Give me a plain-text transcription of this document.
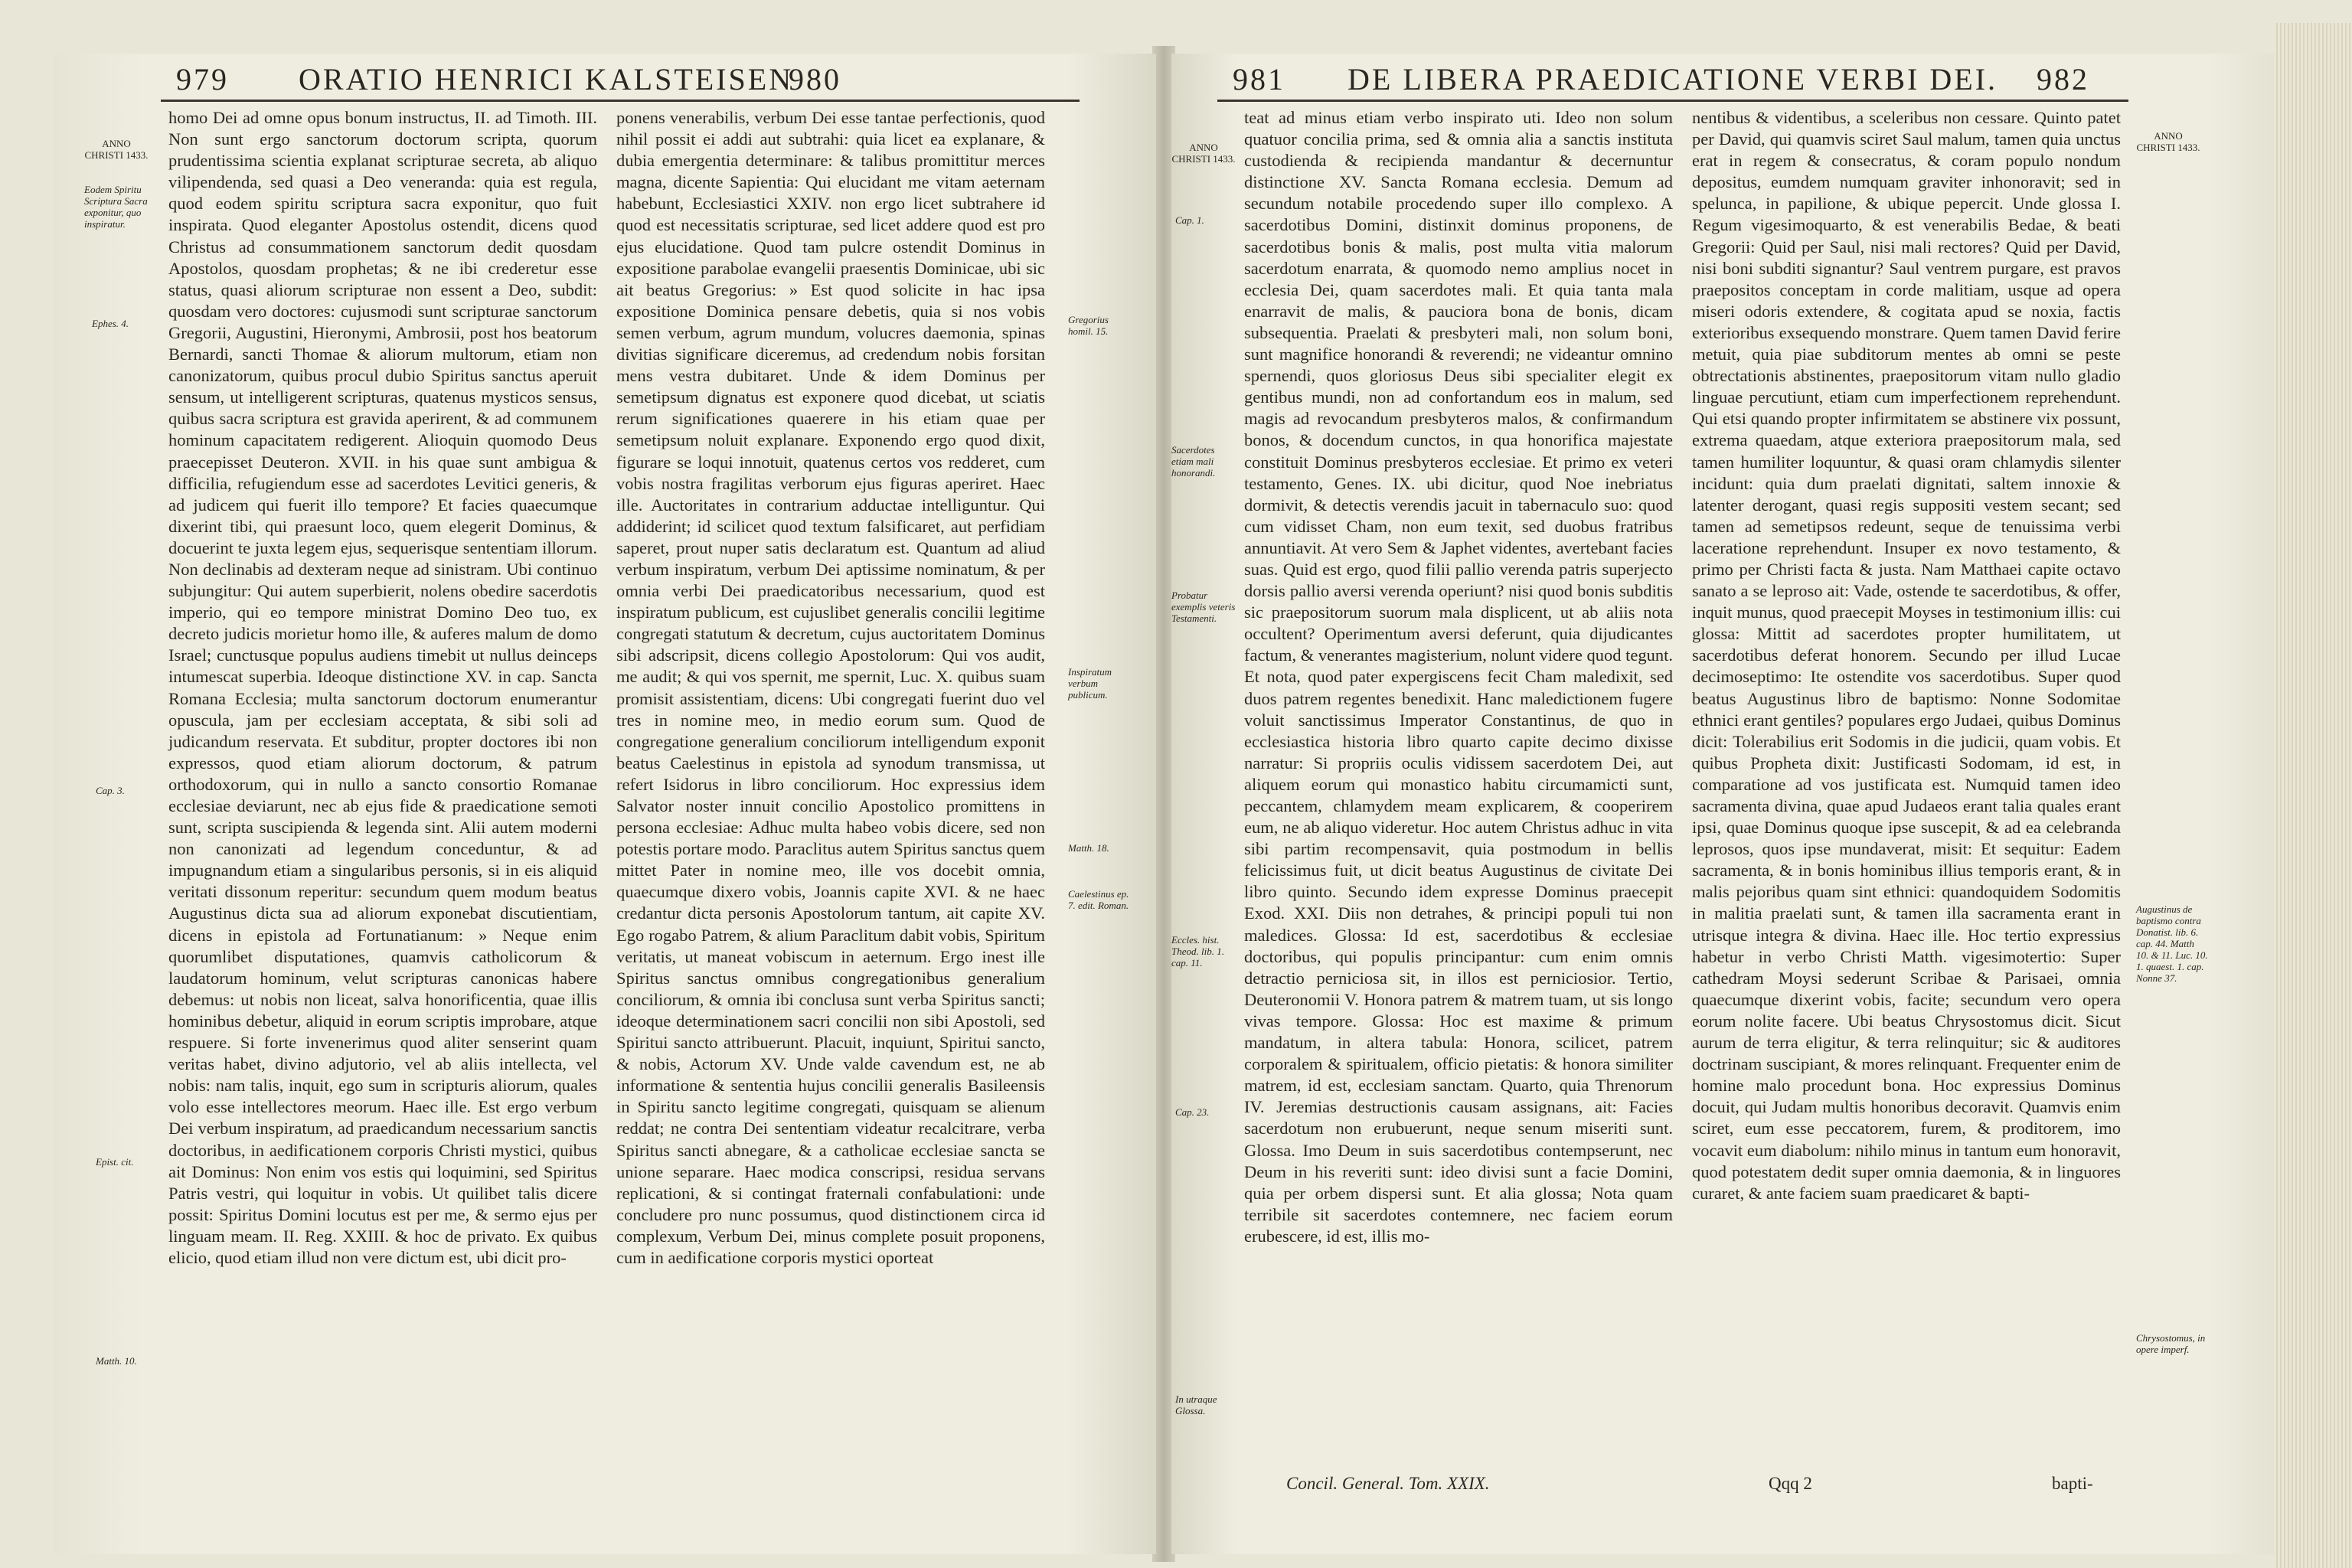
979 ORATIO HENRICI KALSTEISEN
980
ANNO CHRISTI 1433.
Eodem Spiritu Scriptura Sacra exponitur, quo inspiratur.
Ephes. 4.
Cap. 3.
Epist. cit.
Matth. 10.

homo Dei ad omne opus bonum instructus, II. ad Timoth. III. Non sunt ergo sanctorum doctorum scripta, quorum prudentissima scientia explanat scripturae secreta, ab aliquo vilipendenda, sed quasi a Deo veneranda: quia est regula, quod eodem spiritu scriptura sacra exponitur, quo fuit inspirata. Quod eleganter Apostolus ostendit, dicens quod Christus ad consummationem sanctorum dedit quosdam Apostolos, quosdam prophetas; & ne ibi crederetur esse status, quasi aliorum scripturae non essent a Deo, subdit: quosdam vero doctores: cujusmodi sunt scripturae sanctorum Gregorii, Augustini, Hieronymi, Ambrosii, post hos beatorum Bernardi, sancti Thomae & aliorum multorum, etiam non canonizatorum, quibus procul dubio Spiritus sanctus aperuit sensum, ut intelligerent scripturas, quatenus mysticos sensus, quibus sacra scriptura est gravida aperirent, & ad communem hominum capacitatem redigerent. Alioquin quomodo Deus praecepisset Deuteron. XVII. in his quae sunt ambigua & difficilia, refugiendum esse ad sacerdotes Levitici generis, & ad judicem qui fuerit illo tempore? Et facies quaecumque dixerint tibi, qui praesunt loco, quem elegerit Dominus, & docuerint te juxta legem ejus, sequerisque sententiam illorum. Non declinabis ad dexteram neque ad sinistram. Ubi continuo subjungitur: Qui autem superbierit, nolens obedire sacerdotis imperio, qui eo tempore ministrat Domino Deo tuo, ex decreto judicis morietur homo ille, & auferes malum de domo Israel; cunctusque populus audiens timebit ut nullus deinceps intumescat superbia. Ideoque distinctione XV. in cap. Sancta Romana Ecclesia; multa sanctorum doctorum enumerantur opuscula, jam per ecclesiam acceptata, & sibi soli ad judicandum reservata. Et subditur, propter doctores ibi non expressos, quod etiam aliorum doctorum, & patrum orthodoxorum, qui in nullo a sancto consortio Romanae ecclesiae deviarunt, nec ab ejus fide & praedicatione semoti sunt, scripta suscipienda & legenda sint. Alii autem moderni non canonizati ad legendum conceduntur, & ad impugnandum etiam a singularibus personis, si in eis aliquid veritati dissonum reperitur: secundum quem modum beatus Augustinus dicta sua ad aliorum exponebat discutientiam, dicens in epistola ad Fortunatianum: » Neque enim quorumlibet disputationes, quamvis catholicorum & laudatorum hominum, velut scripturas canonicas habere debemus: ut nobis non liceat, salva honorificentia, quae illis hominibus debetur, aliquid in eorum scriptis improbare, atque respuere. Si forte invenerimus quod aliter senserint quam veritas habet, divino adjutorio, vel ab aliis intellecta, vel nobis: nam talis, inquit, ego sum in scripturis aliorum, quales volo esse intellectores meorum. Haec ille. Est ergo verbum Dei verbum inspiratum, ad praedicandum necessarium sanctis doctoribus, in aedificationem corporis Christi mystici, quibus ait Dominus: Non enim vos estis qui loquimini, sed Spiritus Patris vestri, qui loquitur in vobis. Ut quilibet talis dicere possit: Spiritus Domini locutus est per me, & sermo ejus per linguam meam. II. Reg. XXIII. & hoc de privato. Ex quibus elicio, quod etiam illud non vere dictum est, ubi dicit pro-

ponens venerabilis, verbum Dei esse tantae perfectionis, quod nihil possit ei addi aut subtrahi: quia licet ea explanare, & dubia emergentia determinare: & talibus promittitur merces magna, dicente Sapientia: Qui elucidant me vitam aeternam habebunt, Ecclesiastici XXIV. non ergo licet subtrahere id quod est necessitatis scripturae, sed licet addere quod est pro ejus elucidatione. Quod tam pulcre ostendit Dominus in expositione parabolae evangelii praesentis Dominicae, ubi sic ait beatus Gregorius: » Est quod solicite in hac ipsa expositione Dominica pensare debetis, quia si nos vobis semen verbum, agrum mundum, volucres daemonia, spinas divitias significare diceremus, ad credendum nobis forsitan mens vestra dubitaret. Unde & idem Dominus per semetipsum dignatus est exponere quod dicebat, ut sciatis rerum significationes quaerere in his etiam quae per semetipsum noluit explanare. Exponendo ergo quod dixit, figurare se loqui innotuit, quatenus certos vos redderet, cum vobis nostra fragilitas verborum ejus figuras aperiret. Haec ille. Auctoritates in contrarium adductae intelliguntur. Qui addiderint; id scilicet quod textum falsificaret, aut perfidiam saperet, prout nuper satis declaratum est. Quantum ad aliud verbum inspiratum, verbum Dei aptissime nominatum, & per omnia verbi Dei praedicatoribus necessarium, quod est inspiratum publicum, est cujuslibet generalis concilii legitime congregati statutum & decretum, cujus auctoritatem Dominus sibi adscripsit, dicens collegio Apostolorum: Qui vos audit, me audit; & qui vos spernit, me spernit, Luc. X. quibus suam promisit assistentiam, dicens: Ubi congregati fuerint duo vel tres in nomine meo, in medio eorum sum. Quod de congregatione generalium conciliorum intelligendum exponit beatus Caelestinus in epistola ad synodum transmissa, ut refert Isidorus in libro conciliorum. Hoc expressius idem Salvator noster innuit concilio Apostolico promittens in persona ecclesiae: Adhuc multa habeo vobis dicere, sed non potestis portare modo. Paraclitus autem Spiritus sanctus quem mittet Pater in nomine meo, ille vos docebit omnia, quaecumque dixero vobis, Joannis capite XVI. & ne haec credantur dicta personis Apostolorum tantum, ait capite XV. Ego rogabo Patrem, & alium Paraclitum dabit vobis, Spiritum veritatis, ut maneat vobiscum in aeternum. Ergo inest ille Spiritus sanctus omnibus congregationibus generalium conciliorum, & omnia ibi conclusa sunt verba Spiritus sancti; ideoque determinationem sacri concilii non sibi Apostoli, sed Spiritui sancto attribuerunt. Placuit, inquiunt, Spiritui sancto, & nobis, Actorum XV. Unde valde cavendum est, ne ab informatione & sententia hujus concilii generalis Basileensis in Spiritu sancto legitime congregati, quisquam se alienum reddat; ne contra Dei sententiam videatur recalcitrare, verba Spiritus sancti abnegare, & a catholicae ecclesiae sancta se unione separare. Haec modica conscripsi, residua servans replicationi, & si contingat fraternali confabulationi: unde concludere pro nunc possumus, quod distinctionem circa id complexum, Verbum Dei, minus complete posuit proponens, cum in aedificatione corporis mystici oportеat

Gregorius homil. 15.
Inspiratum verbum publicum.
Matth. 18.
Caelestinus ep. 7. edit. Roman.
981 DE LIBERA PRAEDICATIONE VERBI DEI. 982
ANNO CHRISTI 1433.
Cap. 1.
Sacerdotes etiam mali honorandi.
Probatur exemplis veteris Testamenti.
Eccles. hist. Theod. lib. 1. cap. 11.
Cap. 23.
In utraque Glossa.

teat ad minus etiam verbo inspirato uti. Ideo non solum quatuor concilia prima, sed & omnia alia a sanctis instituta custodienda & recipienda mandantur & decernuntur distinctione XV. Sancta Romana ecclesia. Demum ad secundum notabile procedendo super illo complexo. A sacerdotibus Domini, distinxit dominus proponens, de sacerdotibus bonis & malis, post multa vitia malorum sacerdotum enarrata, & quomodo nemo amplius nocet in ecclesia Dei, quam sacerdotes mali. Et quia tanta mala enarravit de malis, & pauciora bona de bonis, dicam subsequentia. Praelati & presbyteri mali, non solum boni, sunt magnifice honorandi & reverendi; ne videantur omnino spernendi, quos gloriosus Deus sibi specialiter elegit ex gentibus mundi, non ad confortandum eos in malum, sed magis ad revocandum presbyteros malos, & confirmandum bonos, & docendum cunctos, in qua honorifica majestate constituit Dominus presbyteros ecclesiae. Et primo ex veteri testamento, Genes. IX. ubi dicitur, quod Noe inebriatus dormivit, & detectis verendis jacuit in tabernaculo suo: quod cum vidisset Cham, non eum texit, sed duobus fratribus annuntiavit. At vero Sem & Japhet videntes, avertebant facies suas. Quid est ergo, quod filii pallio verenda patris superjecto dorsis pallio aversi verenda operiunt? nisi quod bonis subditis sic praepositorum suorum mala displicent, ut ab aliis nota occultent? Operimentum aversi deferunt, quia dijudicantes factum, & venerantes magisterium, nolunt videre quod tegunt. Et nota, quod pater expergiscens fecit Cham maledixit, sed duos patrem regentes benedixit. Hanc maledictionem fugere voluit sanctissimus Imperator Constantinus, de quo in ecclesiastica historia libro quarto capite decimo dixisse narratur: Si propriis oculis vidissem sacerdotem Dei, aut aliquem eorum qui monastico habitu circumamicti sunt, peccantem, chlamydem meam explicarem, & cooperirem eum, ne ab aliquo videretur. Hoc autem Christus adhuc in vita sibi partim recompensavit, quia postmodum in bellis felicissimus fuit, ut dicit beatus Augustinus de civitate Dei libro quinto. Secundo idem expresse Dominus praecepit Exod. XXI. Diis non detrahes, & principi populi tui non maledices. Glossa: Id est, sacerdotibus & ecclesiae doctoribus, qui populis principantur: cum enim omnis detractio perniciosa sit, in illos est perniciosior. Tertio, Deuteronomii V. Honora patrem & matrem tuam, ut sis longo vivas tempore. Glossa: Hoc est maxime & primum mandatum, in altera tabula: Honora, scilicet, patrem corporalem & spiritualem, officio pietatis: & honora similiter matrem, id est, ecclesiam sanctam. Quarto, quia Threnorum IV. Jeremias destructionis causam assignans, ait: Facies sacerdotum non erubuerunt, neque senum miseriti sunt. Glossa. Imo Deum in suis sacerdotibus contempserunt, nec Deum in his reveriti sunt: ideo divisi sunt a facie Domini, quia per orbem dispersi sunt. Et alia glossa; Nota quam terribile sit sacerdotes contemnere, nec faciem eorum erubescere, id est, illis mo-

nentibus & videntibus, a sceleribus non cessare. Quinto patet per David, qui quamvis sciret Saul malum, tamen quia unctus erat in regem & consecratus, & coram populo nondum depositus, eumdem numquam graviter inhonoravit; sed in spelunca, in papilione, & ubique pepercit. Unde glossa I. Regum vigesimoquarto, & est venerabilis Bedae, & beati Gregorii: Quid per Saul, nisi mali rectores? Quid per David, nisi boni subditi signantur? Saul ventrem purgare, est pravos praepositos conceptam in corde malitiam, usque ad opera miseri odoris extendere, & cogitata apud se noxia, factis exterioribus exsequendo monstrare. Quem tamen David ferire metuit, quia piae subditorum mentes ab omni se peste obtrectationis abstinentes, praepositorum vitam nullo gladio linguae percutiunt, etiam cum imperfectionem reprehendunt. Qui etsi quando propter infirmitatem se abstinere vix possunt, extrema quaedam, atque exteriora praepositorum mala, sed tamen humiliter loquuntur, & quasi oram chlamydis silenter incidunt: quia dum praelati dignitati, saltem innoxie & latenter derogant, quasi regis suppositi vestem secant; sed tamen ad semetipsos redeunt, seque de tenuissima verbi laceratione reprehendunt. Insuper ex novo testamento, & primo per Christi facta & justa. Nam Matthaei capite octavo sanato a se leproso ait: Vade, ostende te sacerdotibus, & offer, inquit munus, quod praecepit Moyses in testimonium illis: cui glossa: Mittit ad sacerdotes propter humilitatem, ut sacerdotibus deferat honorem. Secundo per illud Lucae decimoseptimo: Ite ostendite vos sacerdotibus. Super quod beatus Augustinus libro de baptismo: Nonne Sodomitae ethnici erant gentiles? populares ergo Judaei, quibus Dominus dicit: Tolerabilius erit Sodomis in die judicii, quam vobis. Et quibus Propheta dixit: Justificasti Sodomam, id est, in comparatione ad vos justificata est. Numquid tamen ideo sacramenta divina, quae apud Judaeos erant talia quales erant ipsi, quae Dominus quoque ipse suscepit, & ad ea celebranda leprosos, quos ipse mundaverat, misit: Et sequitur: Eadem sacramenta, & in bonis hominibus illius temporis erant, & in malis pejoribus quam sint ethnici: quandoquidem Sodomitis in malitia praelati sunt, & tamen illa sacramenta erant in utrisque integra & divina. Haec ille. Hoc tertio expressius habetur in verbo Christi Matth. vigesimotertio: Super cathedram Moysi sederunt Scribae & Parisaei, omnia quaecumque dixerint vobis, facite; secundum vero opera eorum nolite facere. Ubi beatus Chrysostomus dicit. Sicut aurum de terra eligitur, & terra relinquitur; sic & auditores doctrinam suscipiant, & mores relinquant. Frequenter enim de homine malo procedunt bona. Hoc expressius Dominus docuit, qui Judam multis honoribus decoravit. Quamvis enim sciret, eum esse peccatorem, furem, & proditorem, imo vocavit eum diabolum: nihilo minus in tantum eum honoravit, quod potestatem dedit super omnia daemonia, & in linguores curaret, & ante faciem suam praedicaret & bapti-

ANNO CHRISTI 1433.
Augustinus de baptismo contra Donatist. lib. 6. cap. 44. Matth 10. & 11. Luc. 10. 1. quaest. 1. cap. Nonne 37.
Chrysostomus, in opere imperf.
Concil. General. Tom. XXIX.	Qqq 2	bapti-
